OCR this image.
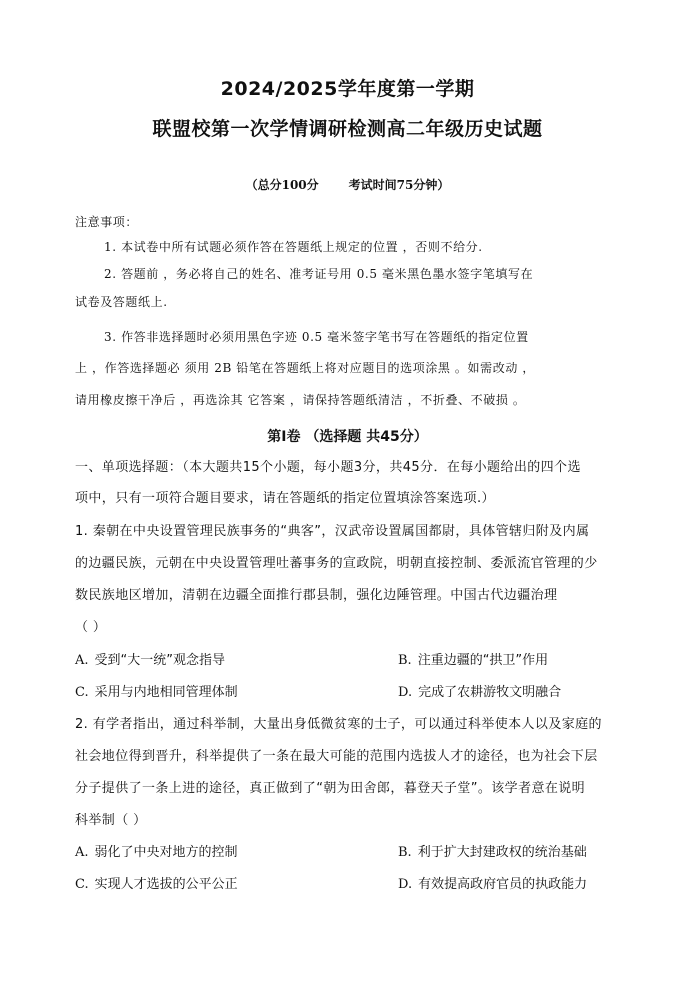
2024/2025学年度第一学期
联盟校第一次学情调研检测高二年级历史试题
（总分100分	考试时间75分钟）
注意事项：
1. 本试卷中所有试题必须作答在答题纸上规定的位置 ，否则不给分.
2. 答题前 ，务必将自己的姓名、准考证号用 0.5 毫米黑色墨水签字笔填写在
试卷及答题纸上.
3. 作答非选择题时必须用黑色字迹 0.5 毫米签字笔书写在答题纸的指定位置
上 ，作答选择题必 须用 2B 铅笔在答题纸上将对应题目的选项涂黑 。如需改动 ，
请用橡皮擦干净后 ，再选涂其 它答案 ，请保持答题纸清洁 ，不折叠、不破损 。
第Ⅰ卷 （选择题 共45分）
一、单项选择题：（本大题共15个小题，每小题3分，共45分．在每小题给出的四个选
项中，只有一项符合题目要求，请在答题纸的指定位置填涂答案选项.）
1. 秦朝在中央设置管理民族事务的“典客”，汉武帝设置属国都尉，具体管辖归附及内属
的边疆民族，元朝在中央设置管理吐蕃事务的宣政院，明朝直接控制、委派流官管理的少
数民族地区增加，清朝在边疆全面推行郡县制，强化边陲管理。中国古代边疆治理
（ ）
A. 受到“大一统”观念指导	B. 注重边疆的“拱卫”作用
C. 采用与内地相同管理体制	D. 完成了农耕游牧文明融合
2. 有学者指出，通过科举制，大量出身低微贫寒的士子，可以通过科举使本人以及家庭的
社会地位得到晋升，科举提供了一条在最大可能的范围内选拔人才的途径，也为社会下层
分子提供了一条上进的途径，真正做到了“朝为田舍郎，暮登天子堂”。该学者意在说明
科举制（ ）
A. 弱化了中央对地方的控制	B. 利于扩大封建政权的统治基础
C. 实现人才选拔的公平公正	D. 有效提高政府官员的执政能力
